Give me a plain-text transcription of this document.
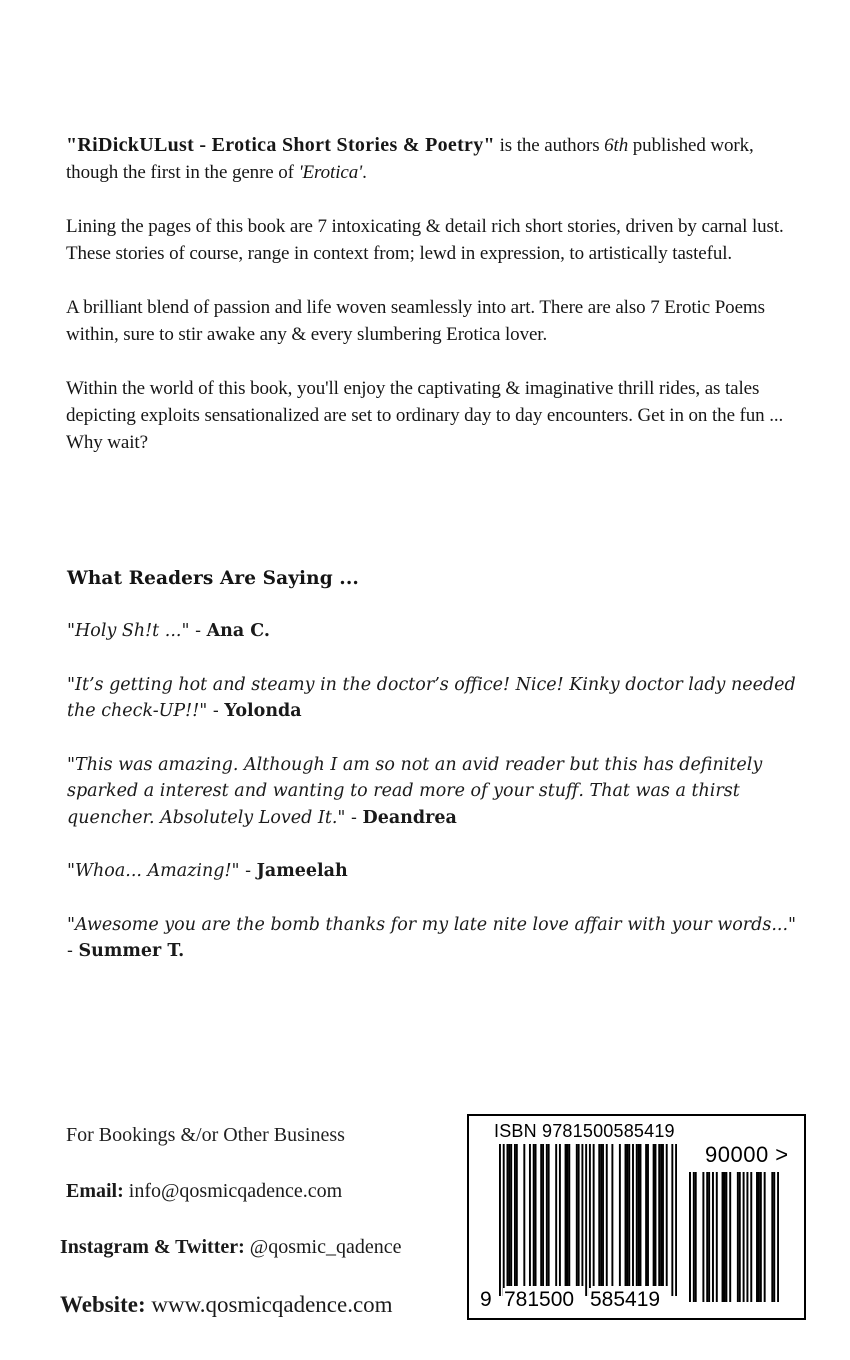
"RiDickULust - Erotica Short Stories & Poetry" is the authors 6th published work, though the first in the genre of 'Erotica'.

Lining the pages of this book are 7 intoxicating & detail rich short stories, driven by carnal lust. These stories of course, range in context from; lewd in expression, to artistically tasteful.

A brilliant blend of passion and life woven seamlessly into art. There are also 7 Erotic Poems within, sure to stir awake any & every slumbering Erotica lover.

Within the world of this book, you'll enjoy the captivating & imaginative thrill rides, as tales depicting exploits sensationalized are set to ordinary day to day encounters. Get in on the fun ... Why wait?

What Readers Are Saying ...
"Holy Sh!t ..." - Ana C.
"It’s getting hot and steamy in the doctor’s office! Nice! Kinky doctor lady needed the check-UP!!" - Yolonda
"This was amazing. Although I am so not an avid reader but this has definitely sparked a interest and wanting to read more of your stuff. That was a thirst quencher. Absolutely Loved It." - Deandrea
"Whoa... Amazing!" - Jameelah
"Awesome you are the bomb thanks for my late nite love affair with your words..." - Summer T.
For Bookings &/or Other Business
Email: info@qosmicqadence.com
Instagram & Twitter: @qosmic_qadence
Website: www.qosmicqadence.com
ISBN 9781500585419
90000 >
9 781500 585419
